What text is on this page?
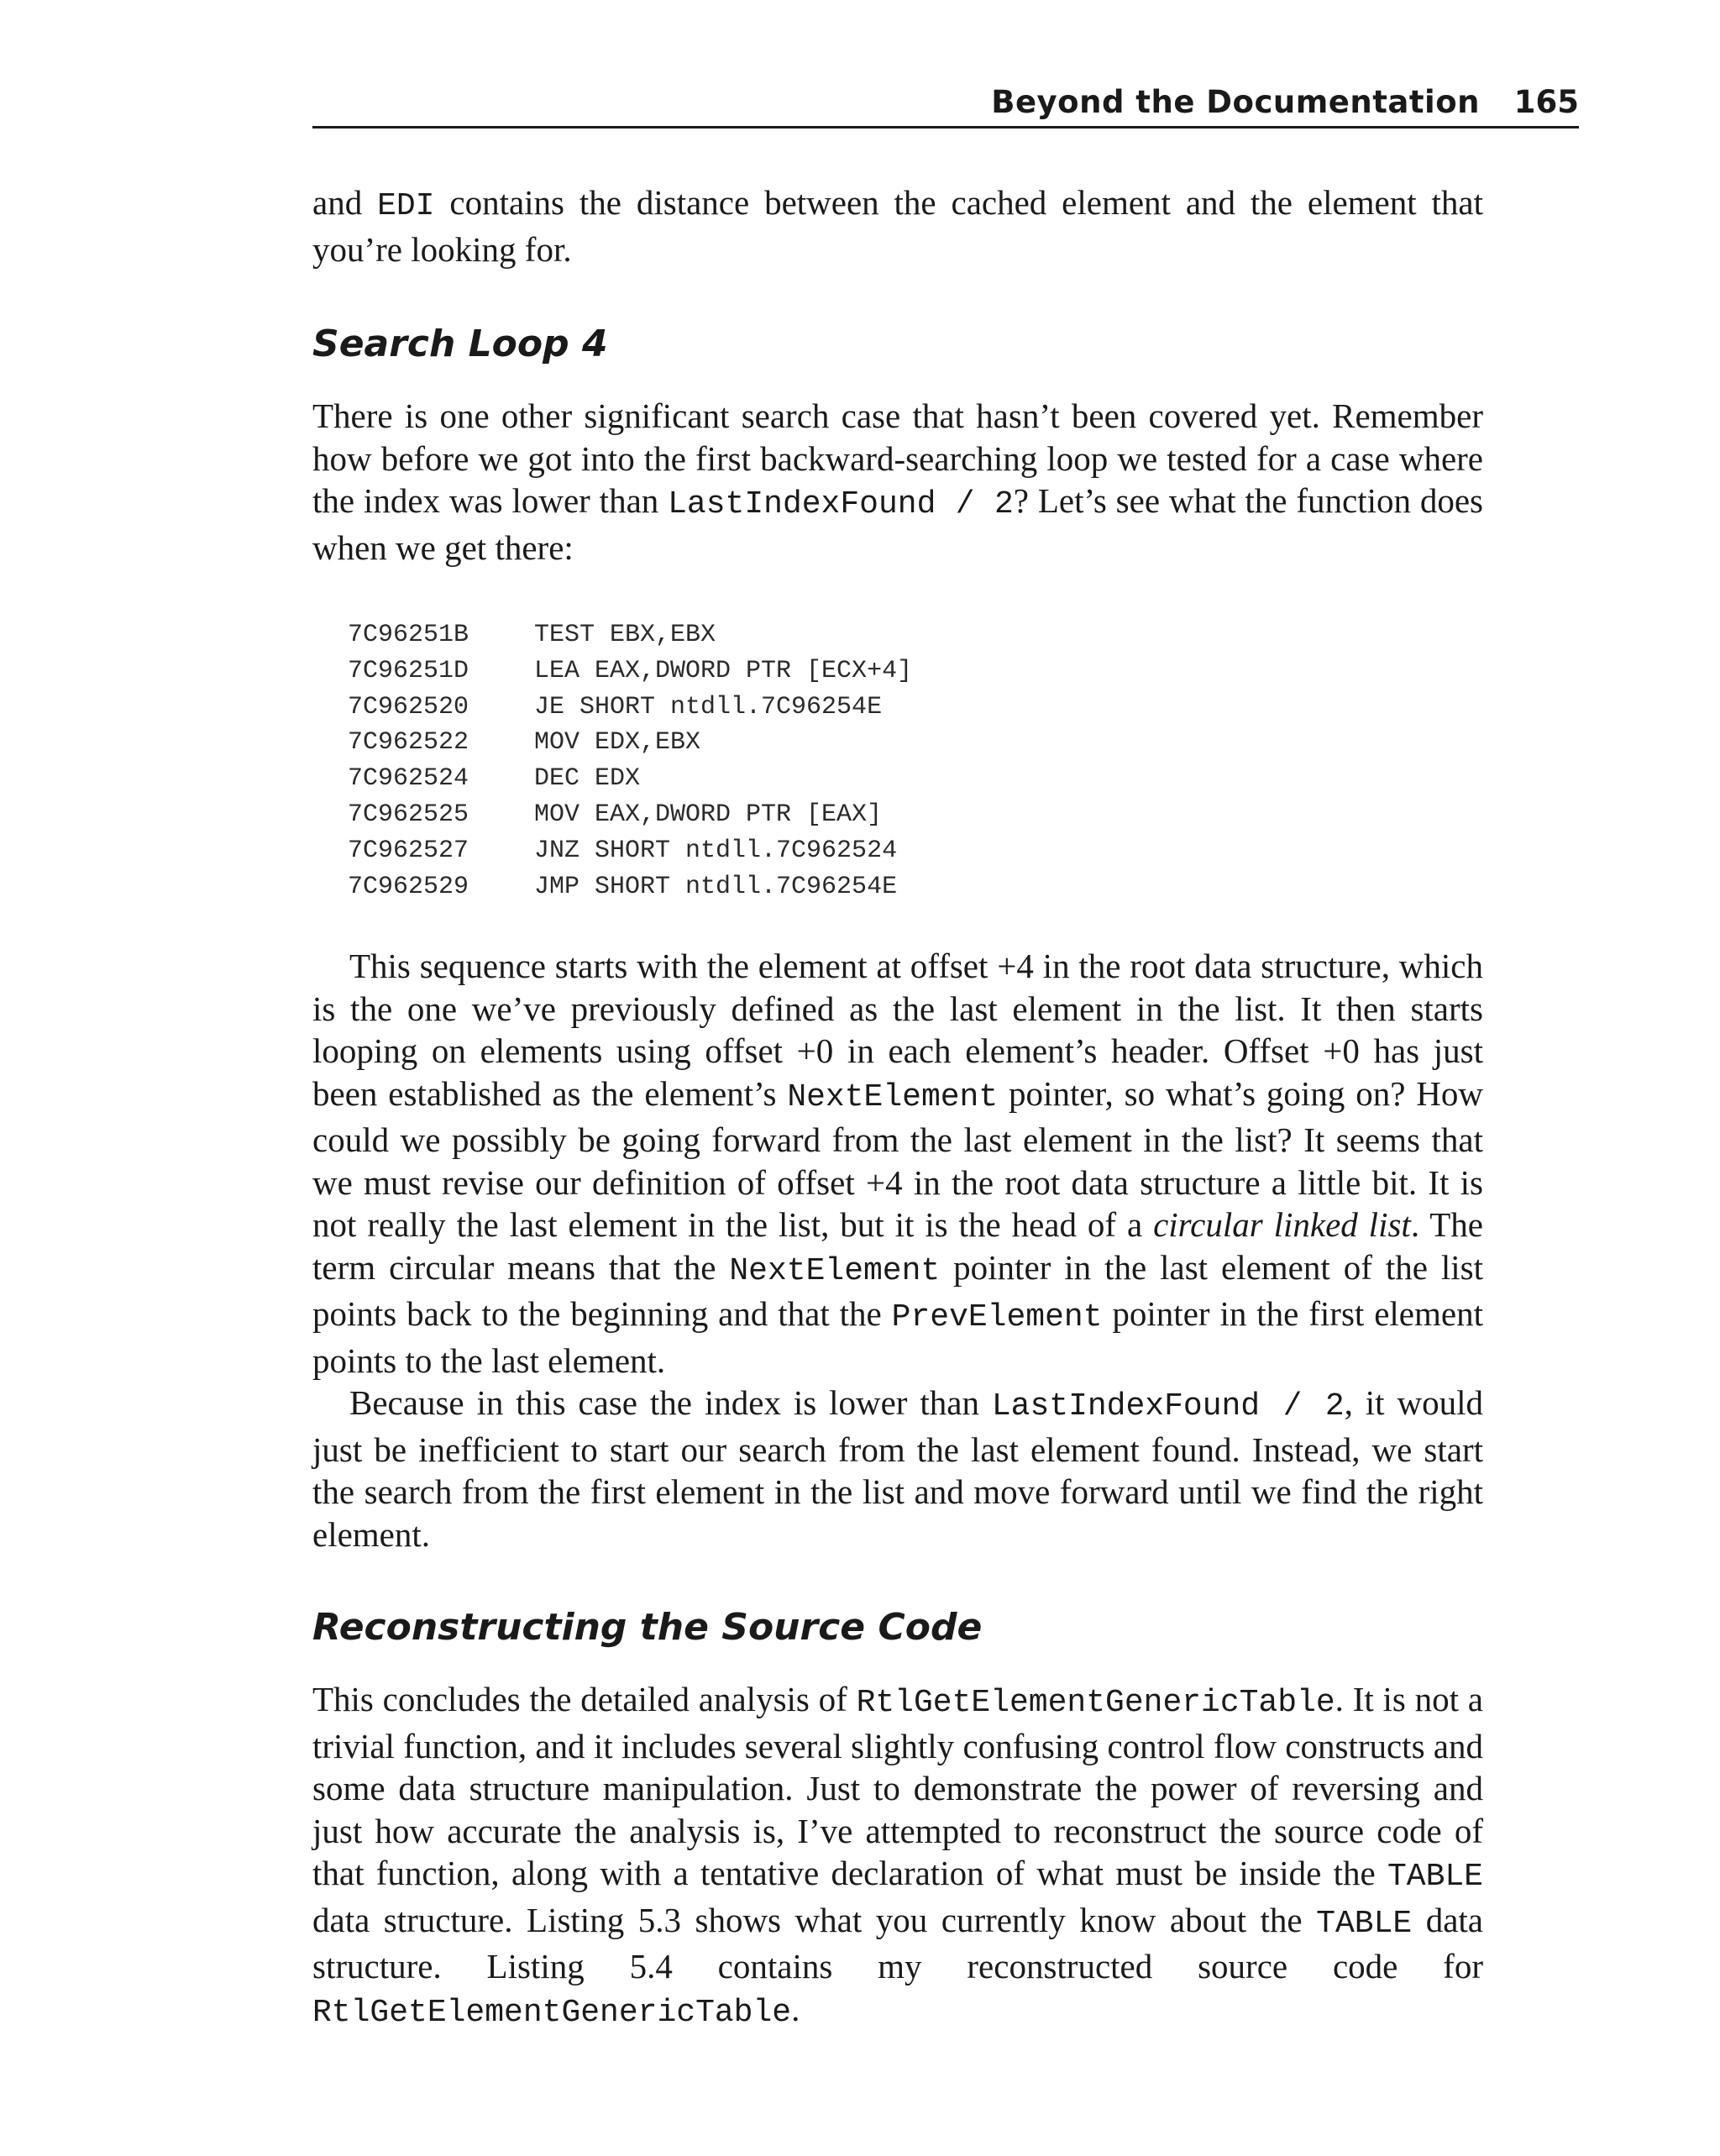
Beyond the Documentation 165

and EDI contains the distance between the cached element and the element that you’re looking for.

Search Loop 4

There is one other significant search case that hasn’t been covered yet. Remember how before we got into the first backward-searching loop we tested for a case where the index was lower than LastIndexFound / 2? Let’s see what the function does when we get there:

7C96251B	TEST EBX,EBX
7C96251D	LEA EAX,DWORD PTR [ECX+4]
7C962520	JE SHORT ntdll.7C96254E
7C962522	MOV EDX,EBX
7C962524	DEC EDX
7C962525	MOV EAX,DWORD PTR [EAX]
7C962527	JNZ SHORT ntdll.7C962524
7C962529	JMP SHORT ntdll.7C96254E

This sequence starts with the element at offset +4 in the root data structure, which is the one we’ve previously defined as the last element in the list. It then starts looping on elements using offset +0 in each element’s header. Offset +0 has just been established as the element’s NextElement pointer, so what’s going on? How could we possibly be going forward from the last element in the list? It seems that we must revise our definition of offset +4 in the root data structure a little bit. It is not really the last element in the list, but it is the head of a circular linked list. The term circular means that the NextElement pointer in the last element of the list points back to the beginning and that the PrevElement pointer in the first element points to the last element.

Because in this case the index is lower than LastIndexFound / 2, it would just be inefficient to start our search from the last element found. Instead, we start the search from the first element in the list and move forward until we find the right element.

Reconstructing the Source Code

This concludes the detailed analysis of RtlGetElementGenericTable. It is not a trivial function, and it includes several slightly confusing control flow constructs and some data structure manipulation. Just to demonstrate the power of reversing and just how accurate the analysis is, I’ve attempted to reconstruct the source code of that function, along with a tentative declaration of what must be inside the TABLE data structure. Listing 5.3 shows what you currently know about the TABLE data structure. Listing 5.4 contains my reconstructed source code for RtlGetElementGenericTable.
